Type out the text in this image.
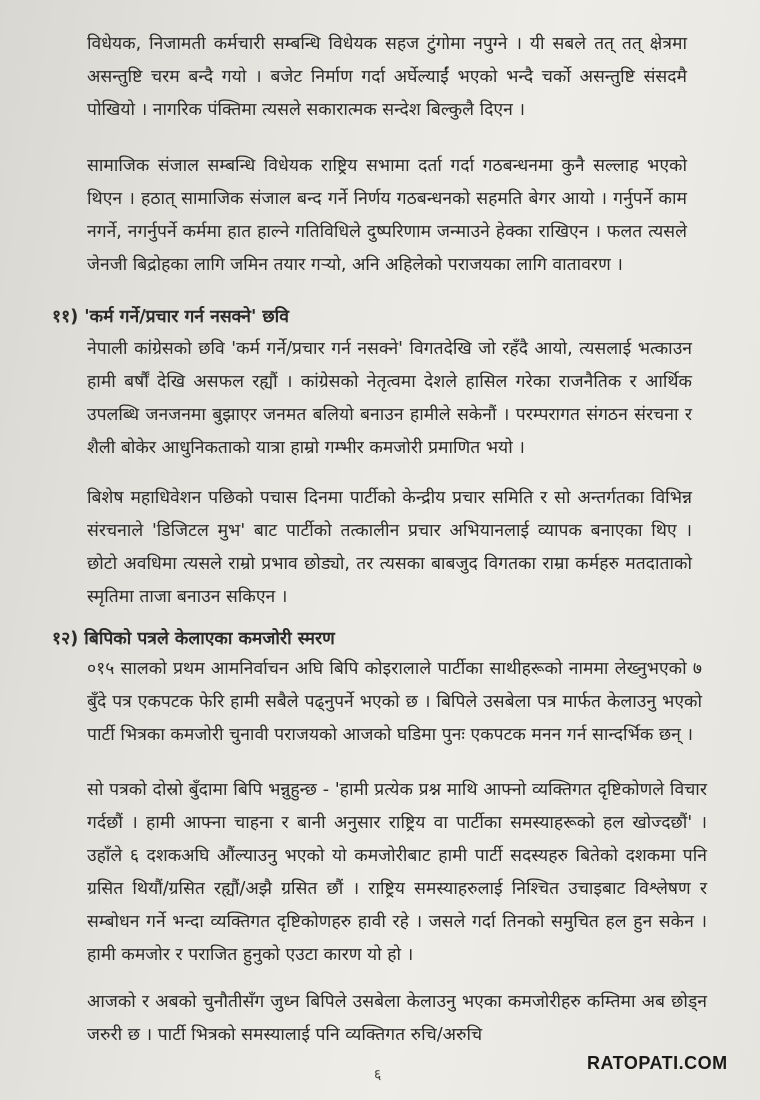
विधेयक, निजामती कर्मचारी सम्बन्धि विधेयक सहज टुंगोमा नपुग्ने । यी सबले तत् तत् क्षेत्रमा असन्तुष्टि चरम बन्दै गयो । बजेट निर्माण गर्दा अर्घेल्याईं भएको भन्दै चर्को असन्तुष्टि संसदमै पोखियो । नागरिक पंक्तिमा त्यसले सकारात्मक सन्देश बिल्कुलै दिएन ।

सामाजिक संजाल सम्बन्धि विधेयक राष्ट्रिय सभामा दर्ता गर्दा गठबन्धनमा कुनै सल्लाह भएको थिएन । हठात् सामाजिक संजाल बन्द गर्ने निर्णय गठबन्धनको सहमति बेगर आयो । गर्नुपर्ने काम नगर्ने, नगर्नुपर्ने कर्ममा हात हाल्ने गतिविधिले दुष्परिणाम जन्माउने हेक्का राखिएन । फलत त्यसले जेनजी बिद्रोहका लागि जमिन तयार गऱ्यो, अनि अहिलेको पराजयका लागि वातावरण ।

११) 'कर्म गर्ने/प्रचार गर्न नसक्ने' छवि

नेपाली कांग्रेसको छवि 'कर्म गर्ने/प्रचार गर्न नसक्ने' विगतदेखि जो रहँदै आयो, त्यसलाई भत्काउन हामी बर्षौं देखि असफल रह्यौं । कांग्रेसको नेतृत्वमा देशले हासिल गरेका राजनैतिक र आर्थिक उपलब्धि जनजनमा बुझाएर जनमत बलियो बनाउन हामीले सकेनौं । परम्परागत संगठन संरचना र शैली बोकेर आधुनिकताको यात्रा हाम्रो गम्भीर कमजोरी प्रमाणित भयो ।

बिशेष महाधिवेशन पछिको पचास दिनमा पार्टीको केन्द्रीय प्रचार समिति र सो अन्तर्गतका विभिन्न संरचनाले 'डिजिटल मुभ' बाट पार्टीको तत्कालीन प्रचार अभियानलाई व्यापक बनाएका थिए । छोटो अवधिमा त्यसले राम्रो प्रभाव छोड्यो, तर त्यसका बाबजुद विगतका राम्रा कर्महरु मतदाताको स्मृतिमा ताजा बनाउन सकिएन ।

१२) बिपिको पत्रले केलाएका कमजोरी स्मरण

०१५ सालको प्रथम आमनिर्वाचन अघि बिपि कोइरालाले पार्टीका साथीहरूको नाममा लेख्नुभएको ७ बुँदे पत्र एकपटक फेरि हामी सबैले पढ्नुपर्ने भएको छ । बिपिले उसबेला पत्र मार्फत केलाउनु भएको पार्टी भित्रका कमजोरी चुनावी पराजयको आजको घडिमा पुनः एकपटक मनन गर्न सान्दर्भिक छन् ।

सो पत्रको दोस्रो बुँदामा बिपि भन्नुहुन्छ - 'हामी प्रत्येक प्रश्न माथि आफ्नो व्यक्तिगत दृष्टिकोणले विचार गर्दछौं । हामी आफ्ना चाहना र बानी अनुसार राष्ट्रिय वा पार्टीका समस्याहरूको हल खोज्दछौं' । उहाँले ६ दशकअघि औंल्याउनु भएको यो कमजोरीबाट हामी पार्टी सदस्यहरु बितेको दशकमा पनि ग्रसित थियौं/ग्रसित रह्यौं/अझै ग्रसित छौं । राष्ट्रिय समस्याहरुलाई निश्चित उचाइबाट विश्लेषण र सम्बोधन गर्ने भन्दा व्यक्तिगत दृष्टिकोणहरु हावी रहे । जसले गर्दा तिनको समुचित हल हुन सकेन । हामी कमजोर र पराजित हुनुको एउटा कारण यो हो ।

आजको र अबको चुनौतीसँग जुध्न बिपिले उसबेला केलाउनु भएका कमजोरीहरु कम्तिमा अब छोड्न जरुरी छ । पार्टी भित्रको समस्यालाई पनि व्यक्तिगत रुचि/अरुचि

६
RATOPATI.COM
